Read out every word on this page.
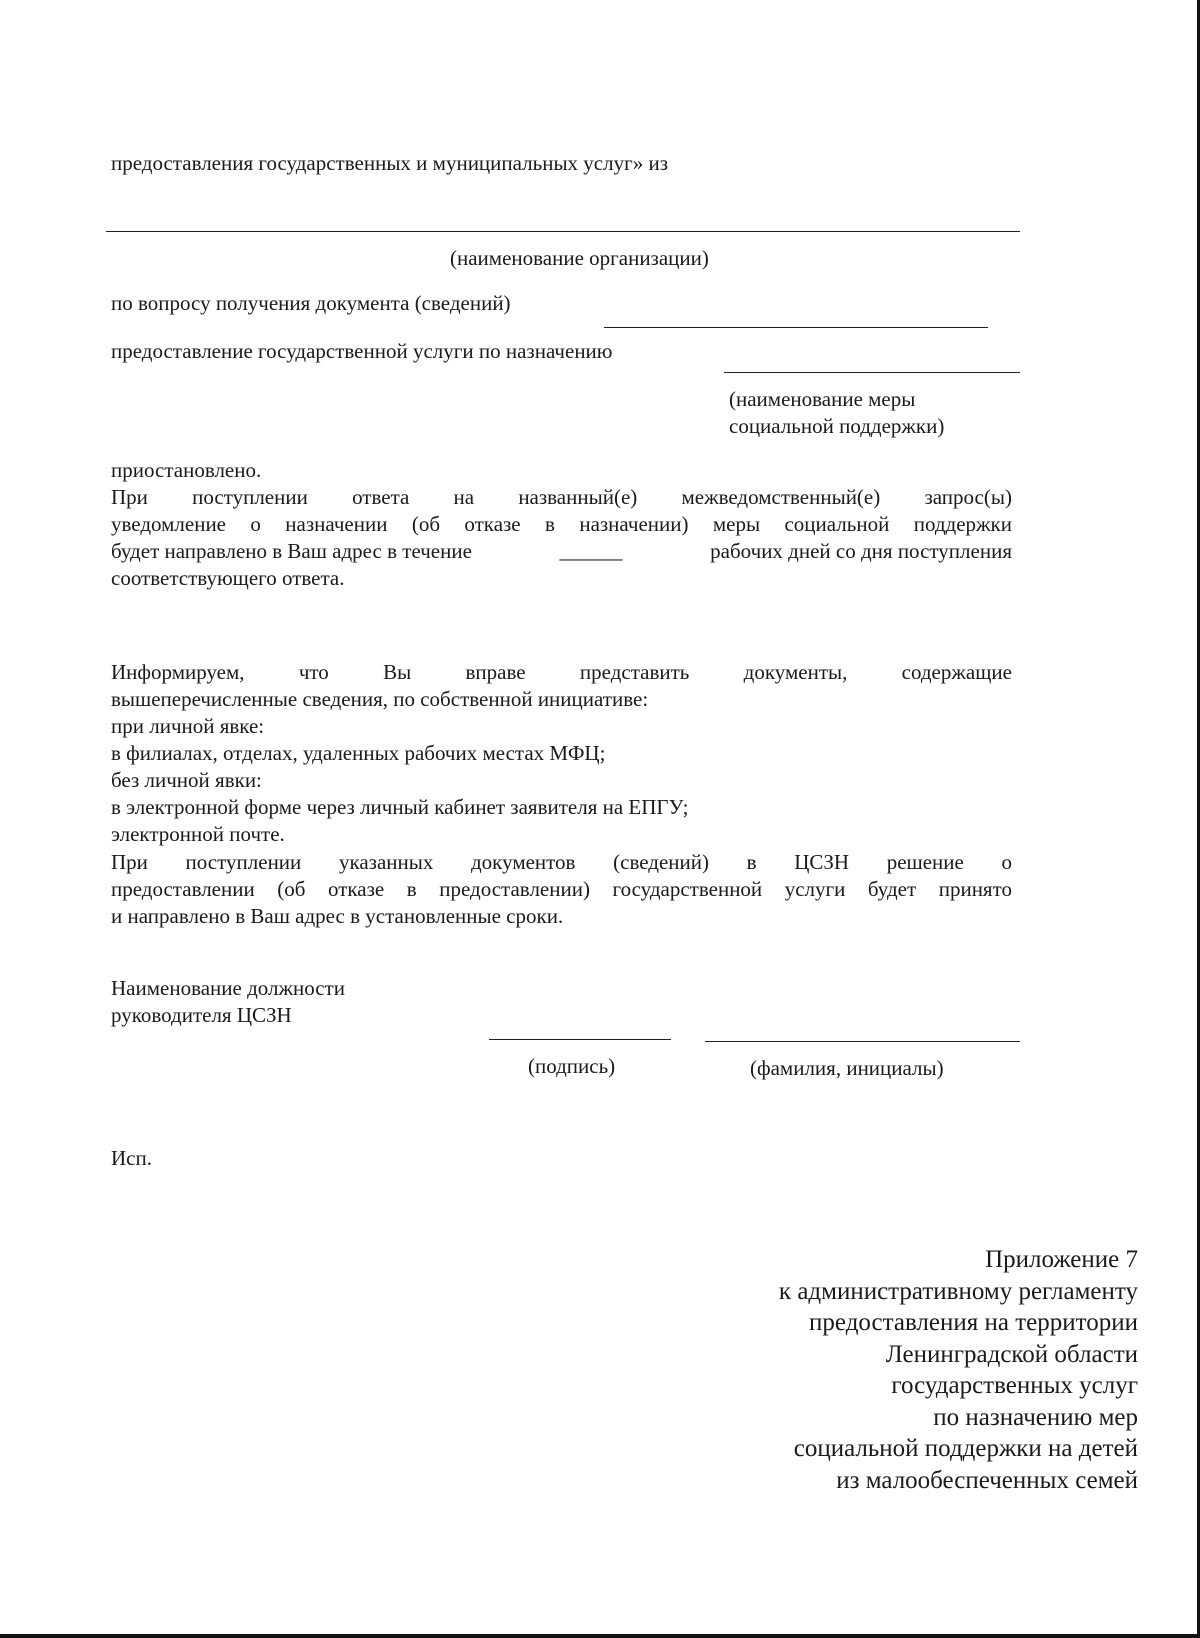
предоставления государственных и муниципальных услуг» из
(наименование организации)
по вопросу получения документа (сведений)
предоставление государственной услуги по назначению
(наименование меры
социальной поддержки)
приостановлено.
При поступлении ответа на названный(е) межведомственный(е) запрос(ы)
уведомление о назначении (об отказе в назначении) меры социальной поддержки
будет направлено в Ваш адрес в течение	______	рабочих дней со дня поступления
соответствующего ответа.
Информируем,	что	Вы	вправе	представить	документы,	содержащие
вышеперечисленные сведения, по собственной инициативе:
при личной явке:
в филиалах, отделах, удаленных рабочих местах МФЦ;
без личной явки:
в электронной форме через личный кабинет заявителя на ЕПГУ;
электронной почте.
При поступлении указанных документов (сведений) в ЦСЗН решение о
предоставлении (об отказе в предоставлении) государственной услуги будет принято
и направлено в Ваш адрес в установленные сроки.
Наименование должности
руководителя ЦСЗН
(подпись)	(фамилия, инициалы)
Исп.
Приложение 7
к административному регламенту
предоставления на территории
Ленинградской области
государственных услуг
по назначению мер
социальной поддержки на детей
из малообеспеченных семей
